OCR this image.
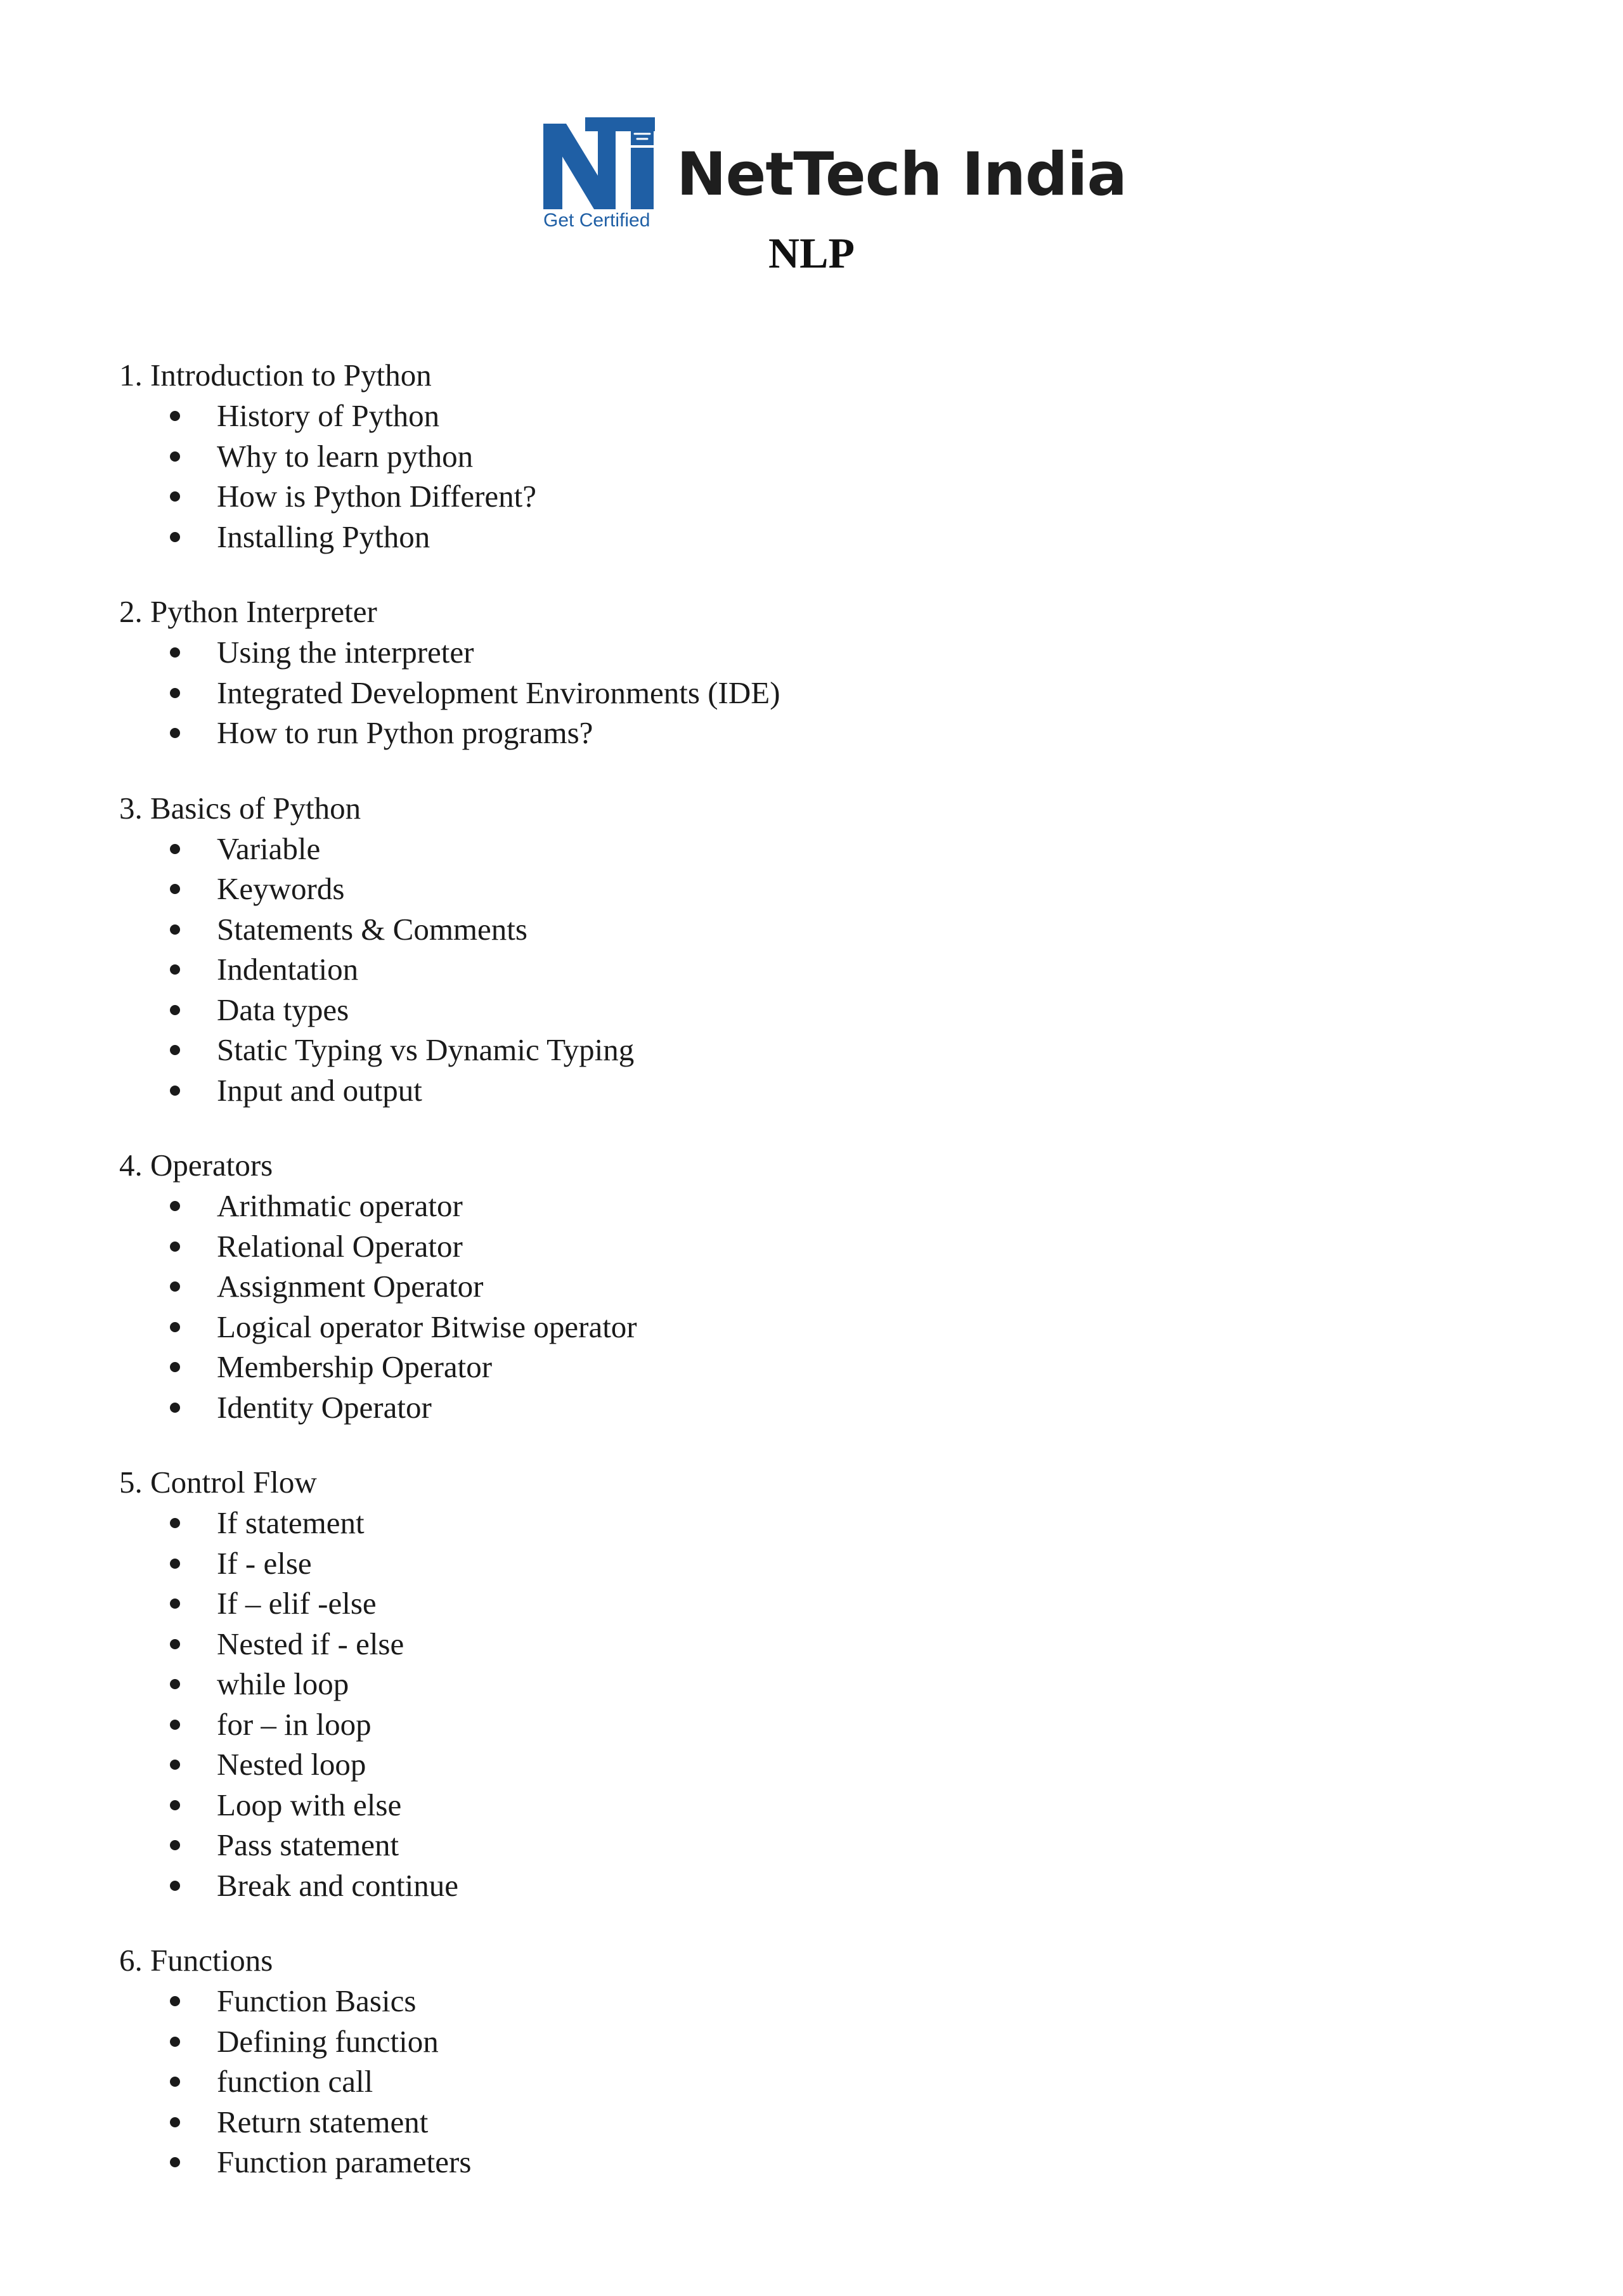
Get Certified
NetTech India
NLP

1. Introduction to Python

History of Python
Why to learn python
How is Python Different?
Installing Python

2. Python Interpreter

Using the interpreter
Integrated Development Environments (IDE)
How to run Python programs?

3. Basics of Python

Variable
Keywords
Statements & Comments
Indentation
Data types
Static Typing vs Dynamic Typing
Input and output

4. Operators

Arithmatic operator
Relational Operator
Assignment Operator
Logical operator Bitwise operator
Membership Operator
Identity Operator

5. Control Flow

If statement
If - else
If – elif -else
Nested if - else
while loop
for – in loop
Nested loop
Loop with else
Pass statement
Break and continue

6. Functions

Function Basics
Defining function
function call
Return statement
Function parameters
